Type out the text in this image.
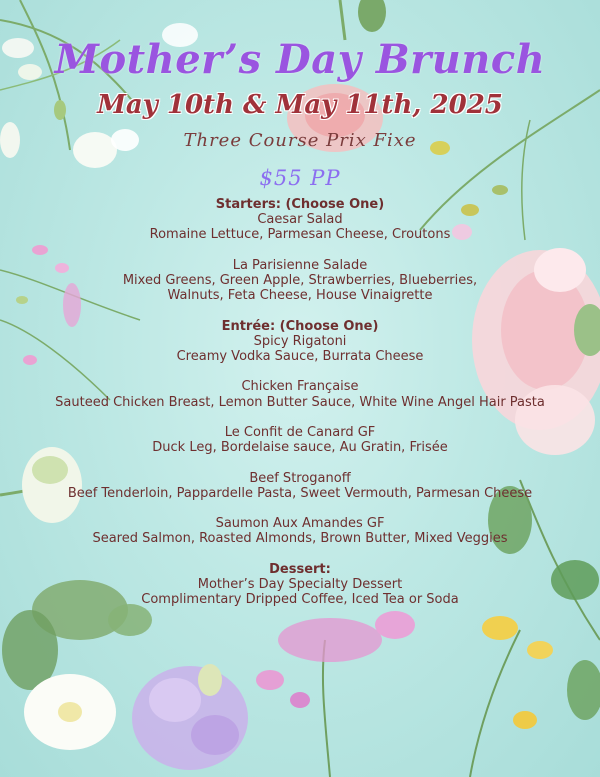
Mother’s Day Brunch
May 10th & May 11th, 2025
Three Course Prix Fixe
$55 PP
Starters: (Choose One)
Caesar Salad
Romaine Lettuce, Parmesan Cheese, Croutons
La Parisienne Salade
Mixed Greens, Green Apple, Strawberries, Blueberries,
Walnuts, Feta Cheese, House Vinaigrette
Entrée: (Choose One)
Spicy Rigatoni
Creamy Vodka Sauce, Burrata Cheese
Chicken Française
Sauteed Chicken Breast, Lemon Butter Sauce, White Wine Angel Hair Pasta
Le Confit de Canard GF
Duck Leg, Bordelaise sauce, Au Gratin, Frisée
Beef Stroganoff
Beef Tenderloin, Pappardelle Pasta, Sweet Vermouth, Parmesan Cheese
Saumon Aux Amandes GF
Seared Salmon, Roasted Almonds, Brown Butter, Mixed Veggies
Dessert:
Mother’s Day Specialty Dessert
Complimentary Dripped Coffee, Iced Tea or Soda
